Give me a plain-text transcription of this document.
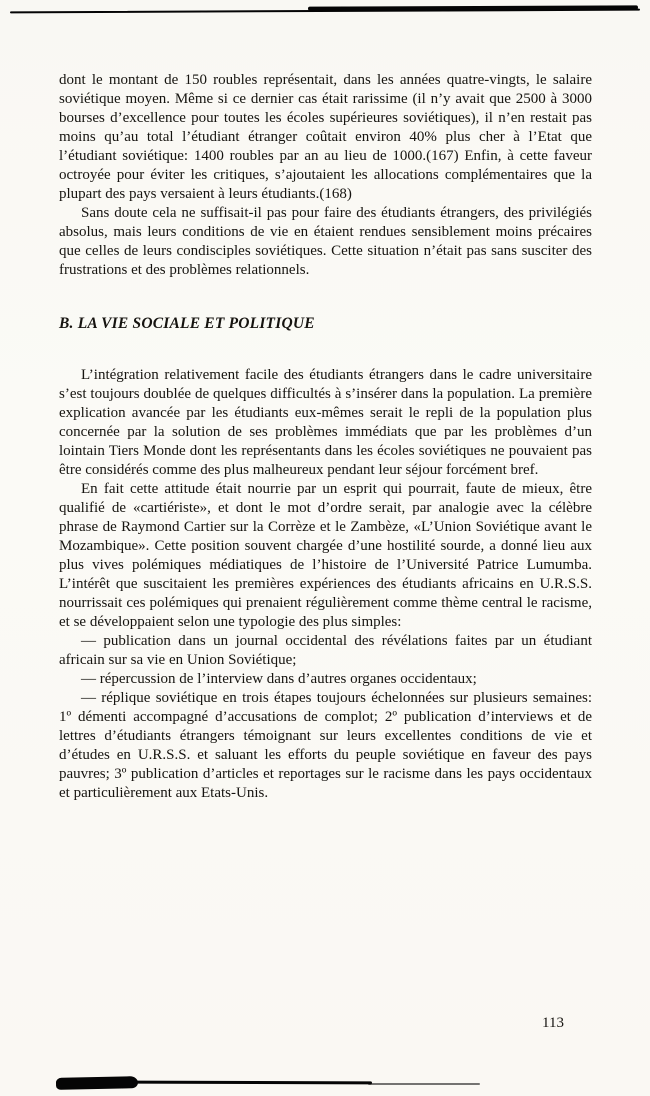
dont le montant de 150 roubles représentait, dans les années quatre-vingts, le salaire soviétique moyen. Même si ce dernier cas était rarissime (il n’y avait que 2500 à 3000 bourses d’excellence pour toutes les écoles supérieures soviétiques), il n’en restait pas moins qu’au total l’étudiant étranger coûtait environ 40% plus cher à l’Etat que l’étudiant soviétique: 1400 roubles par an au lieu de 1000.(167) Enfin, à cette faveur octroyée pour éviter les critiques, s’ajoutaient les allocations complémentaires que la plupart des pays versaient à leurs étudiants.(168)

Sans doute cela ne suffisait-il pas pour faire des étudiants étrangers, des privilégiés absolus, mais leurs conditions de vie en étaient rendues sensiblement moins précaires que celles de leurs condisciples soviétiques. Cette situation n’était pas sans susciter des frustrations et des problèmes relationnels.

B. LA VIE SOCIALE ET POLITIQUE

L’intégration relativement facile des étudiants étrangers dans le cadre universitaire s’est toujours doublée de quelques difficultés à s’insérer dans la population. La première explication avancée par les étudiants eux-mêmes serait le repli de la population plus concernée par la solution de ses problèmes immédiats que par les problèmes d’un lointain Tiers Monde dont les représentants dans les écoles soviétiques ne pouvaient pas être considérés comme des plus malheureux pendant leur séjour forcément bref.

En fait cette attitude était nourrie par un esprit qui pourrait, faute de mieux, être qualifié de «cartiériste», et dont le mot d’ordre serait, par analogie avec la célèbre phrase de Raymond Cartier sur la Corrèze et le Zambèze, «L’Union Soviétique avant le Mozambique». Cette position souvent chargée d’une hostilité sourde, a donné lieu aux plus vives polémiques médiatiques de l’histoire de l’Université Patrice Lumumba. L’intérêt que suscitaient les premières expériences des étudiants africains en U.R.S.S. nourrissait ces polémiques qui prenaient régulièrement comme thème central le racisme, et se développaient selon une typologie des plus simples:

— publication dans un journal occidental des révélations faites par un étudiant africain sur sa vie en Union Soviétique;

— répercussion de l’interview dans d’autres organes occidentaux;

— réplique soviétique en trois étapes toujours échelonnées sur plusieurs semaines: 1º démenti accompagné d’accusations de complot; 2º publication d’interviews et de lettres d’étudiants étrangers témoignant sur leurs excellentes conditions de vie et d’études en U.R.S.S. et saluant les efforts du peuple soviétique en faveur des pays pauvres; 3º publication d’articles et reportages sur le racisme dans les pays occidentaux et particulièrement aux Etats-Unis.

113
